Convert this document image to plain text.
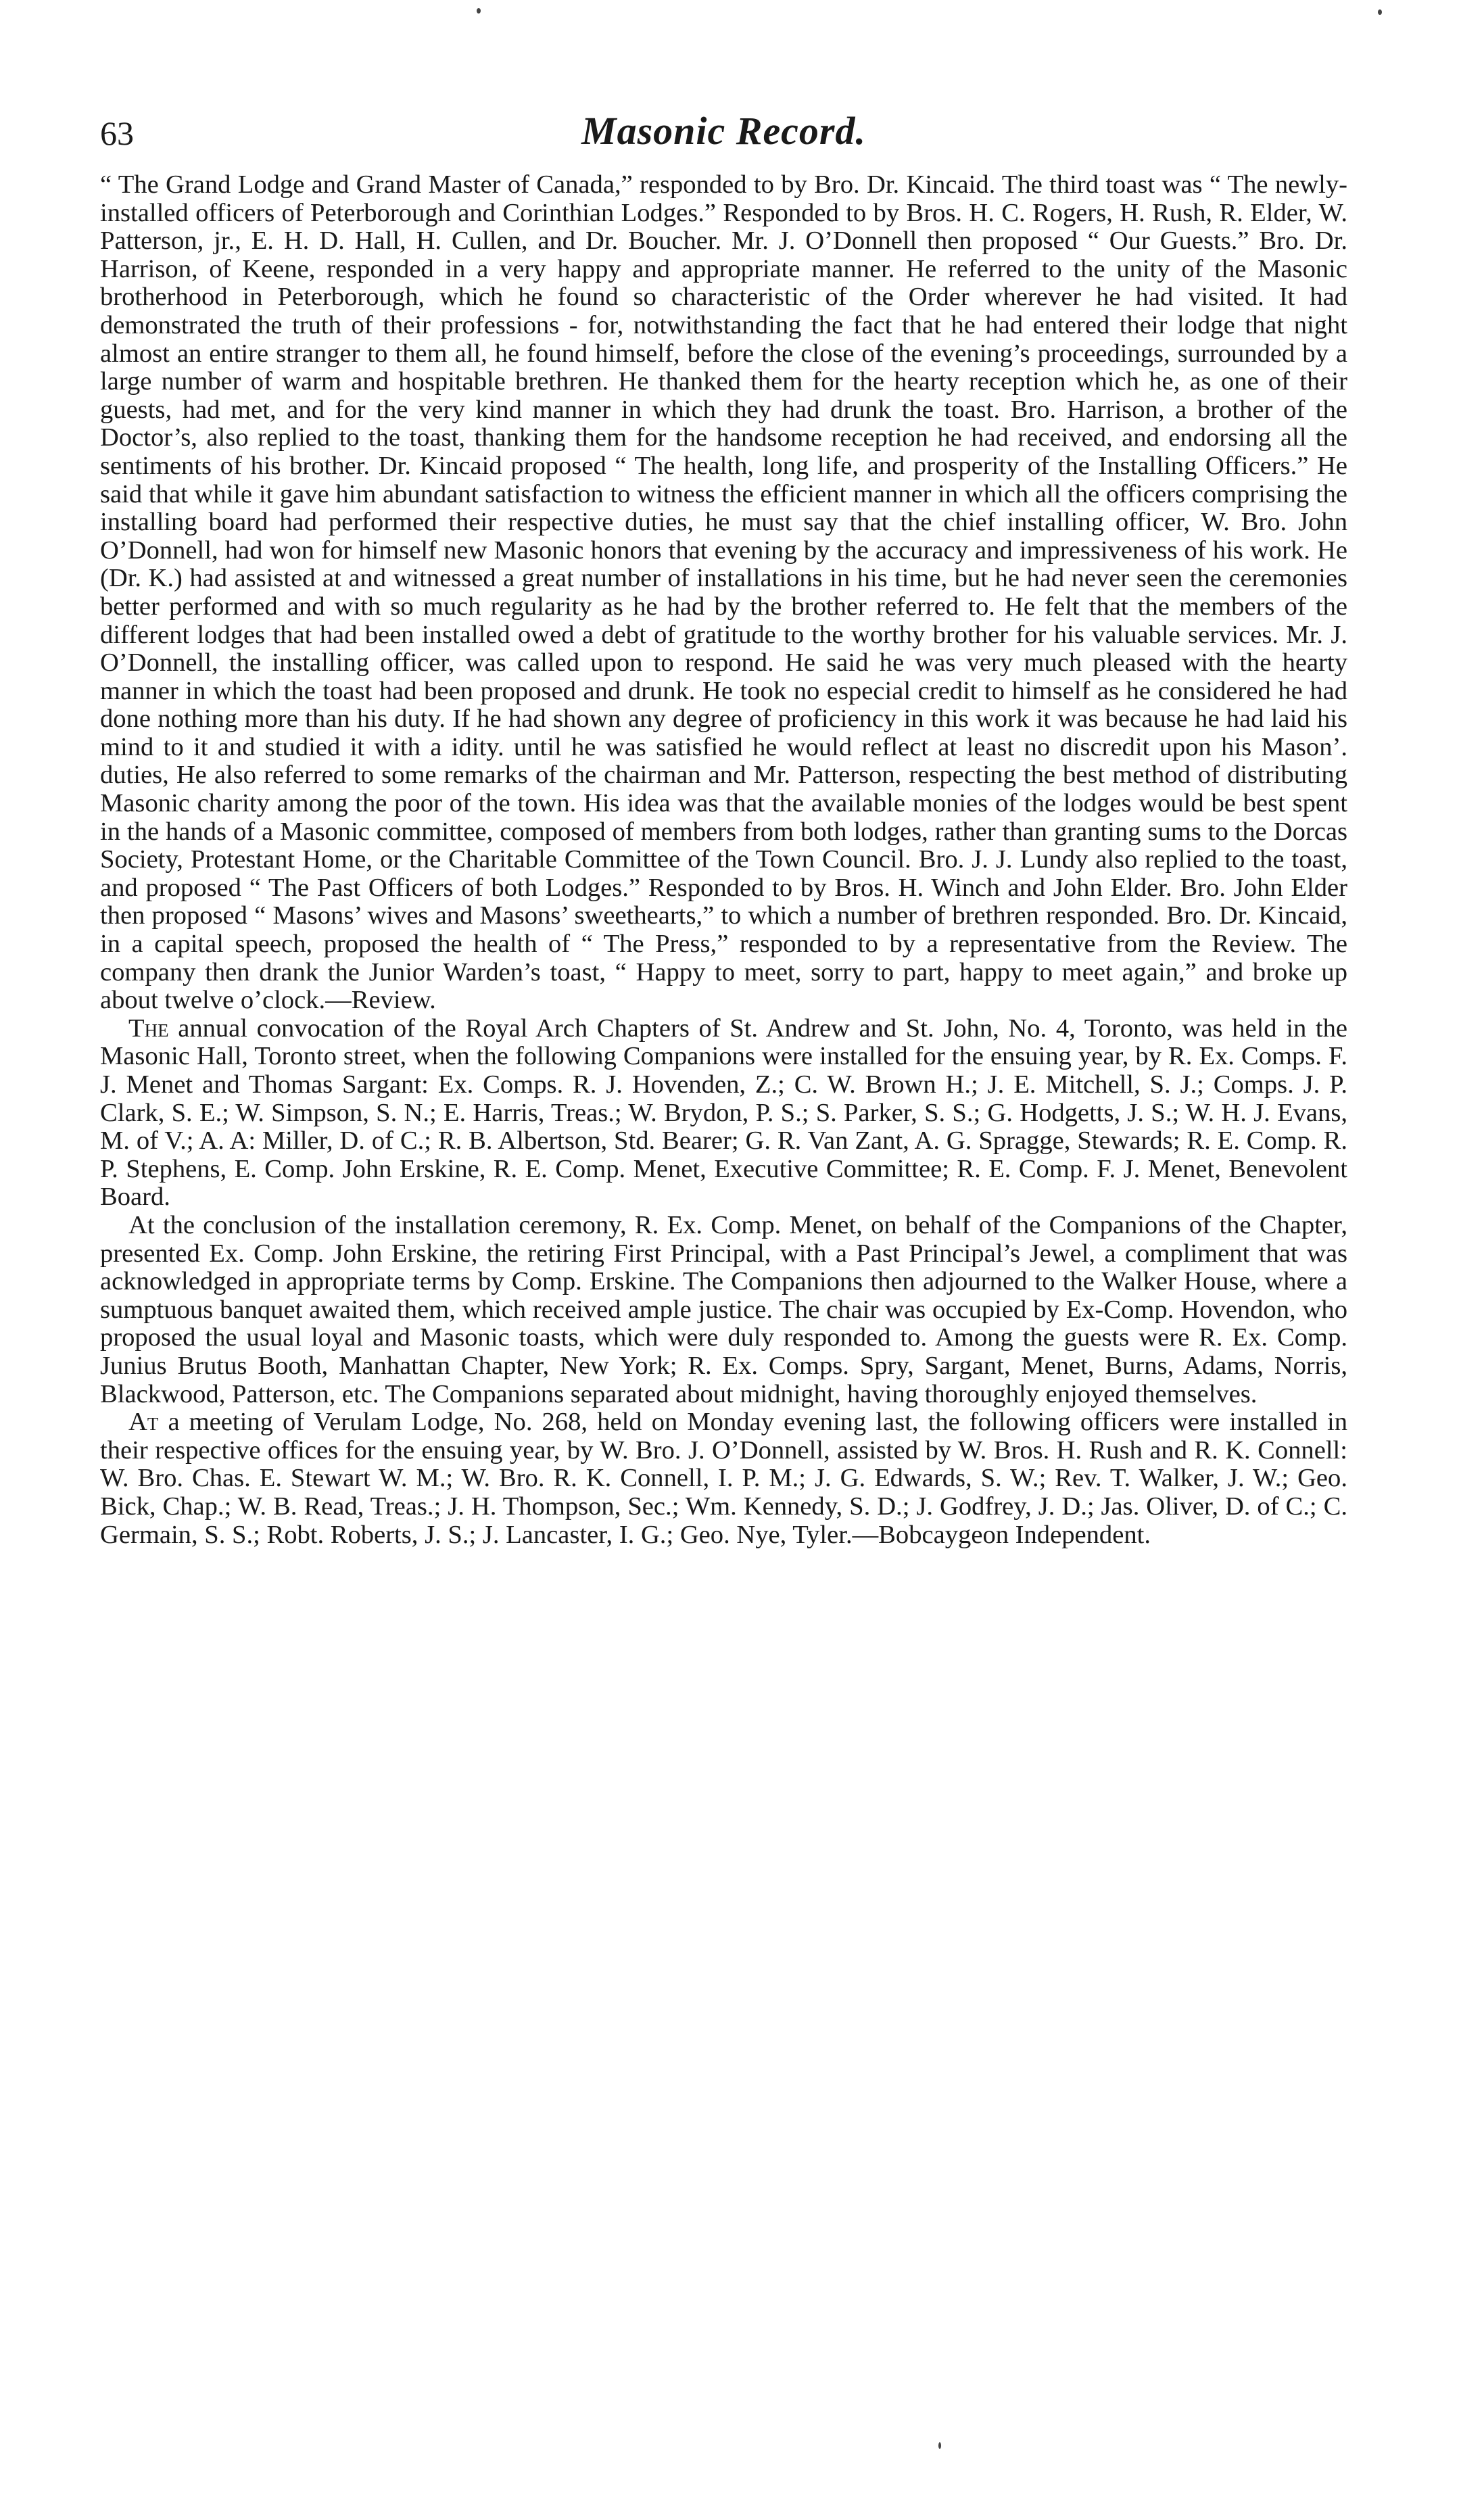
63	Masonic Record.

“ The Grand Lodge and Grand Master of Canada,” responded to by Bro. Dr. Kincaid. The third toast was “ The newly-installed officers of Peterborough and Corinthian Lodges.” Responded to by Bros. H. C. Rogers, H. Rush, R. Elder, W. Patterson, jr., E. H. D. Hall, H. Cullen, and Dr. Boucher. Mr. J. O’Donnell then proposed “ Our Guests.” Bro. Dr. Harrison, of Keene, responded in a very happy and appropriate manner. He referred to the unity of the Masonic brotherhood in Peterborough, which he found so characteristic of the Order wherever he had visited. It had demonstrated the truth of their professions - for, notwithstanding the fact that he had entered their lodge that night almost an entire stranger to them all, he found himself, before the close of the evening’s proceedings, surrounded by a large number of warm and hospitable brethren. He thanked them for the hearty reception which he, as one of their guests, had met, and for the very kind manner in which they had drunk the toast. Bro. Harrison, a brother of the Doctor’s, also replied to the toast, thanking them for the handsome reception he had received, and endorsing all the sentiments of his brother. Dr. Kincaid proposed “ The health, long life, and prosperity of the Installing Officers.” He said that while it gave him abundant satisfaction to witness the efficient manner in which all the officers comprising the installing board had performed their respective duties, he must say that the chief installing officer, W. Bro. John O’Donnell, had won for himself new Masonic honors that evening by the accuracy and impressiveness of his work. He (Dr. K.) had assisted at and witnessed a great number of installations in his time, but he had never seen the ceremonies better performed and with so much regularity as he had by the brother referred to. He felt that the members of the different lodges that had been installed owed a debt of gratitude to the worthy brother for his valuable services. Mr. J. O’Donnell, the installing officer, was called upon to respond. He said he was very much pleased with the hearty manner in which the toast had been proposed and drunk. He took no especial credit to himself as he considered he had done nothing more than his duty. If he had shown any degree of proficiency in this work it was because he had laid his mind to it and studied it with a idity. until he was satisfied he would reflect at least no discredit upon his Mason’. duties, He also referred to some remarks of the chairman and Mr. Patterson, respecting the best method of distributing Masonic charity among the poor of the town. His idea was that the available monies of the lodges would be best spent in the hands of a Masonic committee, composed of members from both lodges, rather than granting sums to the Dorcas Society, Protestant Home, or the Charitable Committee of the Town Council. Bro. J. J. Lundy also replied to the toast, and proposed “ The Past Officers of both Lodges.” Responded to by Bros. H. Winch and John Elder. Bro. John Elder then proposed “ Masons’ wives and Masons’ sweethearts,” to which a number of brethren responded. Bro. Dr. Kincaid, in a capital speech, proposed the health of “ The Press,” responded to by a representative from the Review. The company then drank the Junior Warden’s toast, “ Happy to meet, sorry to part, happy to meet again,” and broke up about twelve o’clock.—Review.

The annual convocation of the Royal Arch Chapters of St. Andrew and St. John, No. 4, Toronto, was held in the Masonic Hall, Toronto street, when the following Companions were installed for the ensuing year, by R. Ex. Comps. F. J. Menet and Thomas Sargant: Ex. Comps. R. J. Hovenden, Z.; C. W. Brown H.; J. E. Mitchell, S. J.; Comps. J. P. Clark, S. E.; W. Simpson, S. N.; E. Harris, Treas.; W. Brydon, P. S.; S. Parker, S. S.; G. Hodgetts, J. S.; W. H. J. Evans, M. of V.; A. A: Miller, D. of C.; R. B. Albertson, Std. Bearer; G. R. Van Zant, A. G. Spragge, Stewards; R. E. Comp. R. P. Stephens, E. Comp. John Erskine, R. E. Comp. Menet, Executive Committee; R. E. Comp. F. J. Menet, Benevolent Board.

At the conclusion of the installation ceremony, R. Ex. Comp. Menet, on behalf of the Companions of the Chapter, presented Ex. Comp. John Erskine, the retiring First Principal, with a Past Principal’s Jewel, a compliment that was acknowledged in appropriate terms by Comp. Erskine. The Companions then adjourned to the Walker House, where a sumptuous banquet awaited them, which received ample justice. The chair was occupied by Ex-Comp. Hovendon, who proposed the usual loyal and Masonic toasts, which were duly responded to. Among the guests were R. Ex. Comp. Junius Brutus Booth, Manhattan Chapter, New York; R. Ex. Comps. Spry, Sargant, Menet, Burns, Adams, Norris, Blackwood, Patterson, etc. The Companions separated about midnight, having thoroughly enjoyed themselves.

At a meeting of Verulam Lodge, No. 268, held on Monday evening last, the following officers were installed in their respective offices for the ensuing year, by W. Bro. J. O’Donnell, assisted by W. Bros. H. Rush and R. K. Connell: W. Bro. Chas. E. Stewart W. M.; W. Bro. R. K. Connell, I. P. M.; J. G. Edwards, S. W.; Rev. T. Walker, J. W.; Geo. Bick, Chap.; W. B. Read, Treas.; J. H. Thompson, Sec.; Wm. Kennedy, S. D.; J. Godfrey, J. D.; Jas. Oliver, D. of C.; C. Germain, S. S.; Robt. Roberts, J. S.; J. Lancaster, I. G.; Geo. Nye, Tyler.—Bobcaygeon Independent.
